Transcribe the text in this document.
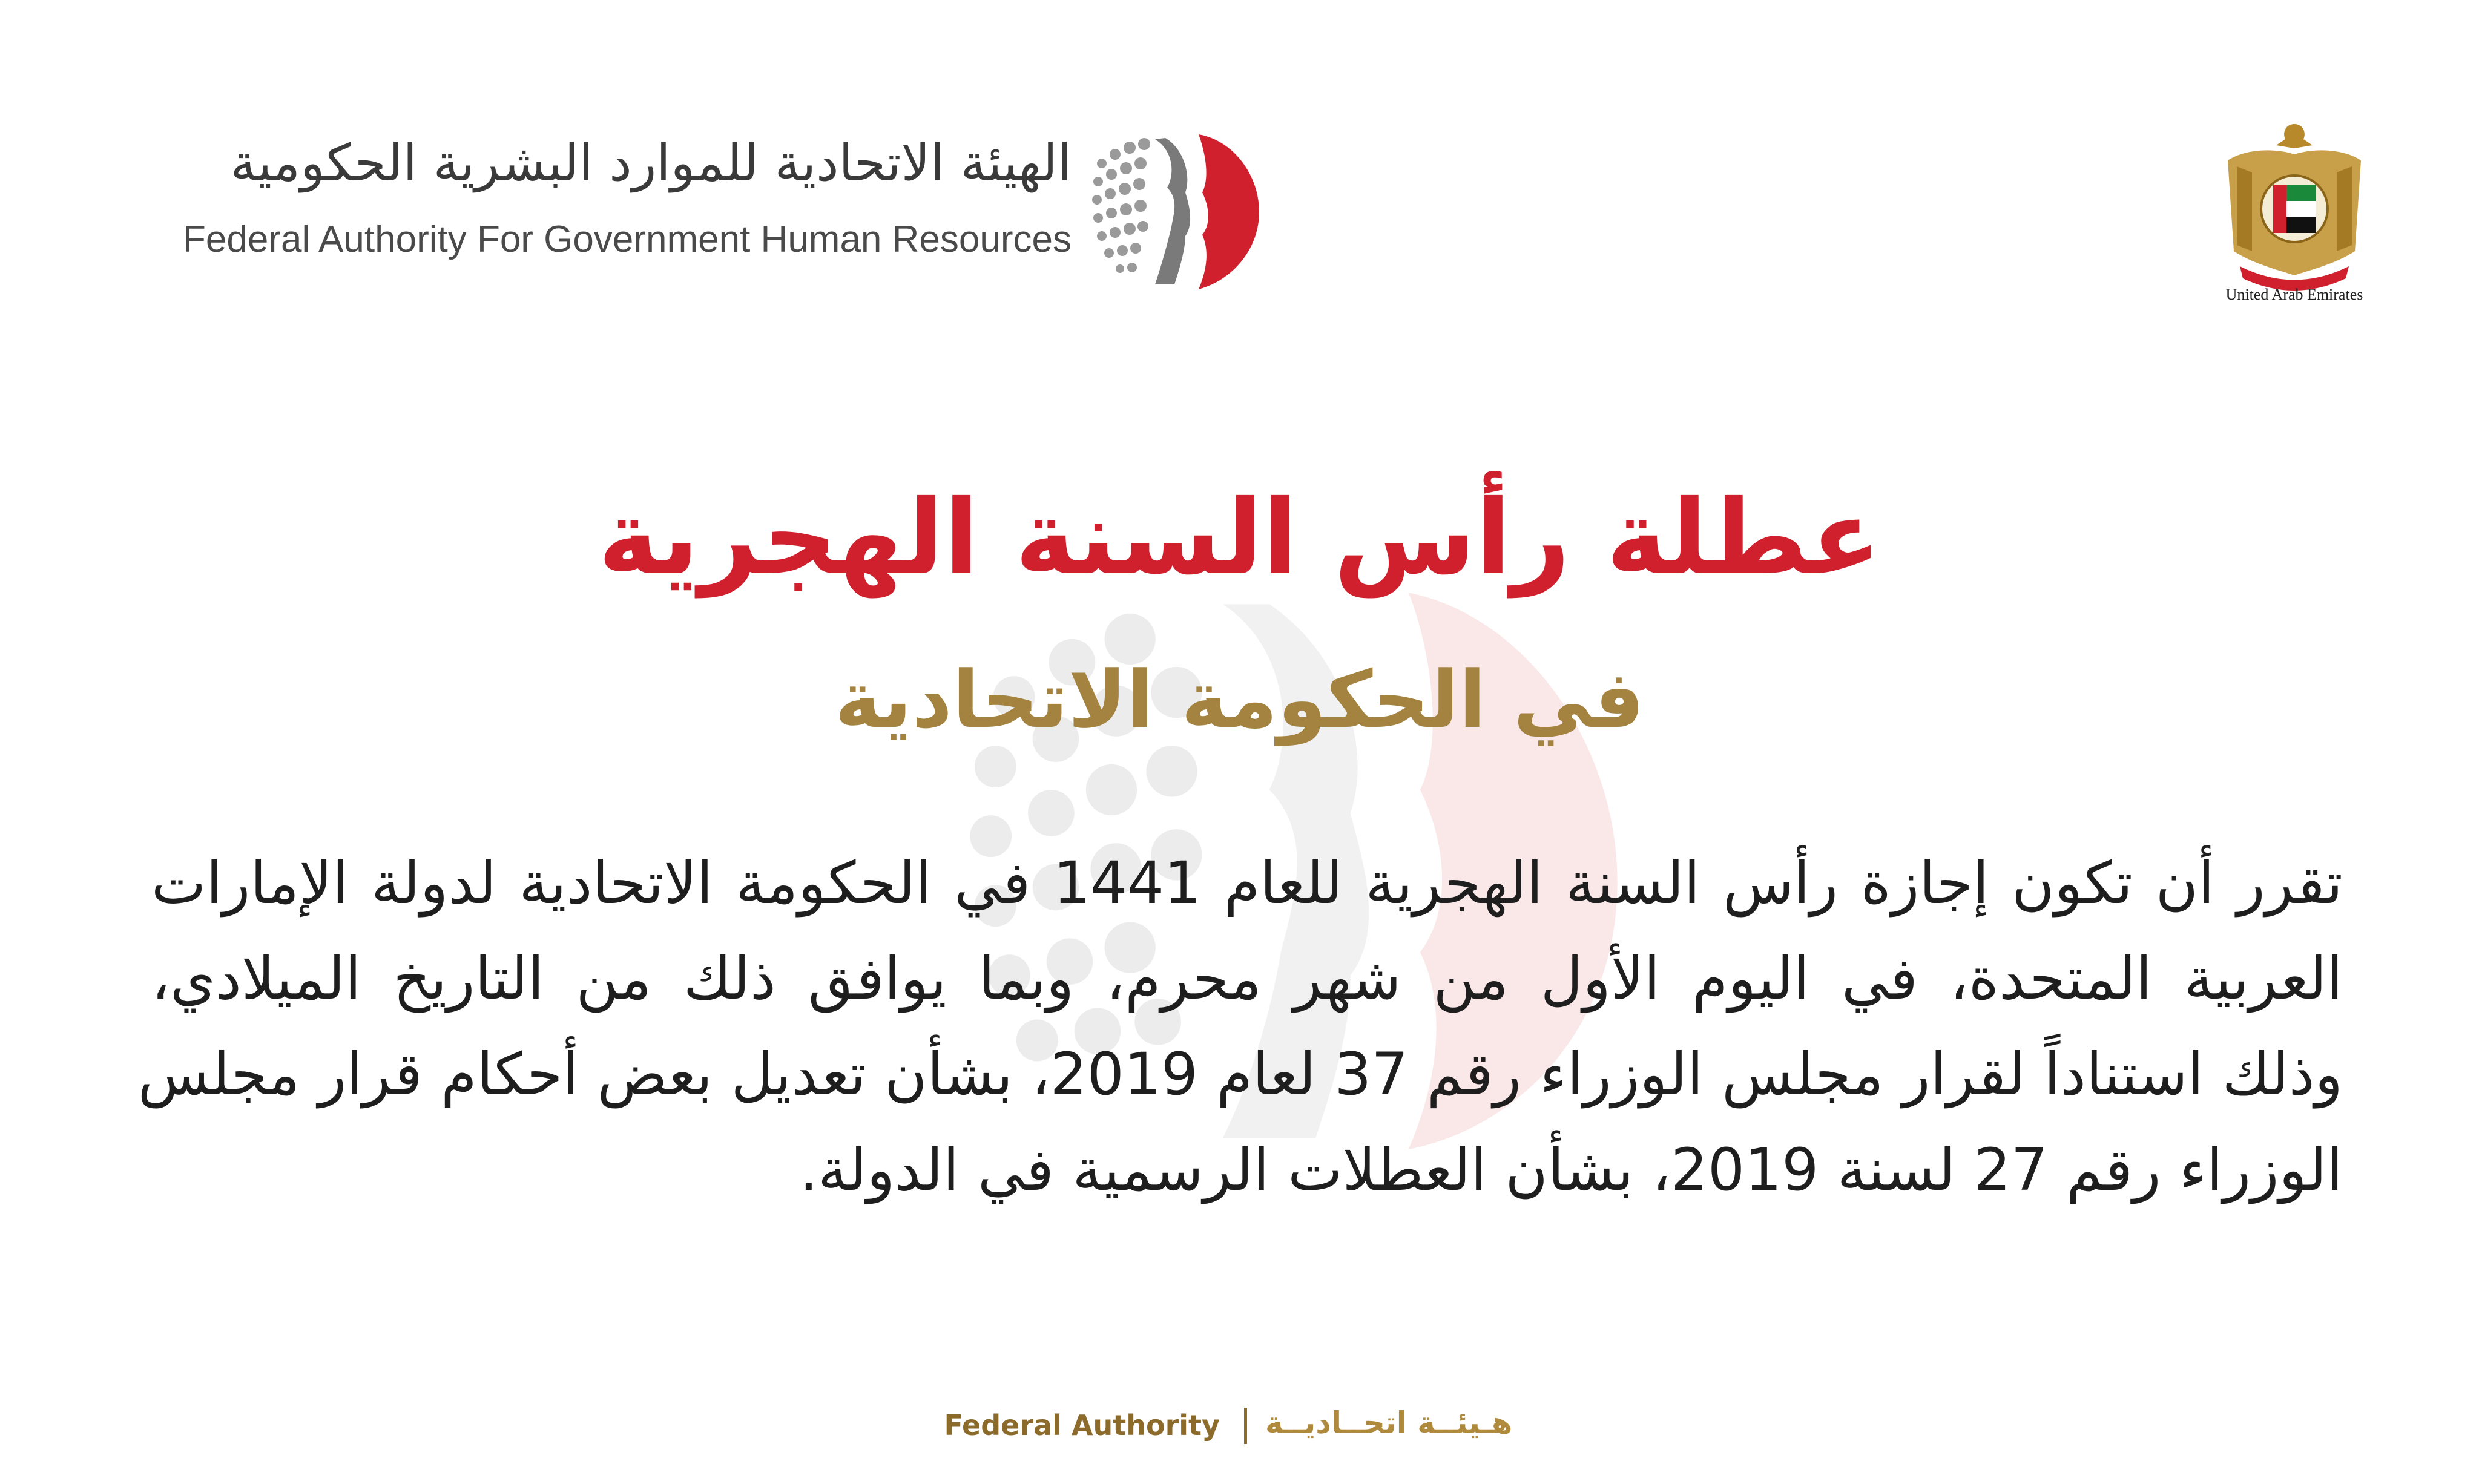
الهيئة الاتحادية للموارد البشرية الحكومية
Federal Authority For Government Human Resources
United Arab Emirates
عطلة رأس السنة الهجرية
في الحكومة الاتحادية
تقرر أن تكون إجازة رأس السنة الهجرية للعام 1441 في الحكومة الاتحادية لدولة الإمارات
العربية المتحدة، في اليوم الأول من شهر محرم، وبما يوافق ذلك من التاريخ الميلادي،
وذلك استناداً لقرار مجلس الوزراء رقم 37 لعام 2019، بشأن تعديل بعض أحكام قرار مجلس
الوزراء رقم 27 لسنة 2019، بشأن العطلات الرسمية في الدولة.
Federal Authority هـيئــة اتحــاديــة
